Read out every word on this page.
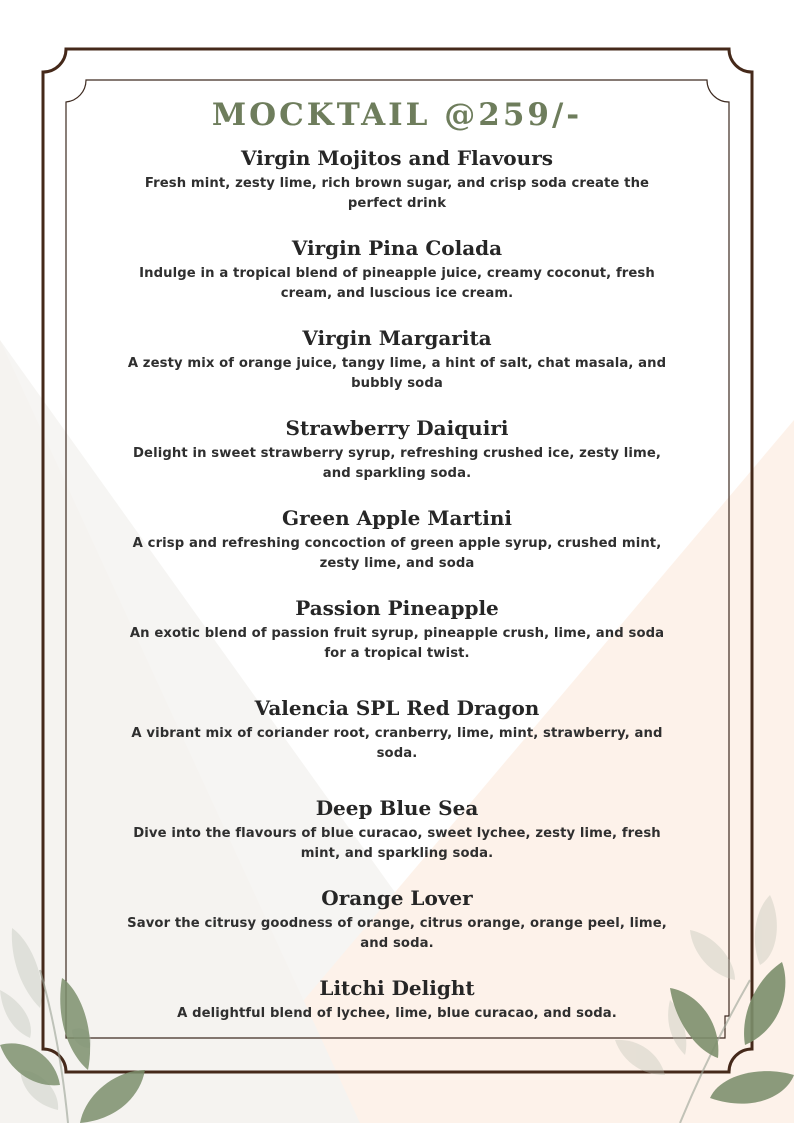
MOCKTAIL @259/-
Virgin Mojitos and Flavours
Fresh mint, zesty lime, rich brown sugar, and crisp soda create the perfect drink
Virgin Pina Colada
Indulge in a tropical blend of pineapple juice, creamy coconut, fresh cream, and luscious ice cream.
Virgin Margarita
A zesty mix of orange juice, tangy lime, a hint of salt, chat masala, and bubbly soda
Strawberry Daiquiri
Delight in sweet strawberry syrup, refreshing crushed ice, zesty lime, and sparkling soda.
Green Apple Martini
A crisp and refreshing concoction of green apple syrup, crushed mint, zesty lime, and soda
Passion Pineapple
An exotic blend of passion fruit syrup, pineapple crush, lime, and soda for a tropical twist.
Valencia SPL Red Dragon
A vibrant mix of coriander root, cranberry, lime, mint, strawberry, and soda.
Deep Blue Sea
Dive into the flavours of blue curacao, sweet lychee, zesty lime, fresh mint, and sparkling soda.
Orange Lover
Savor the citrusy goodness of orange, citrus orange, orange peel, lime, and soda.
Litchi Delight
A delightful blend of lychee, lime, blue curacao, and soda.
